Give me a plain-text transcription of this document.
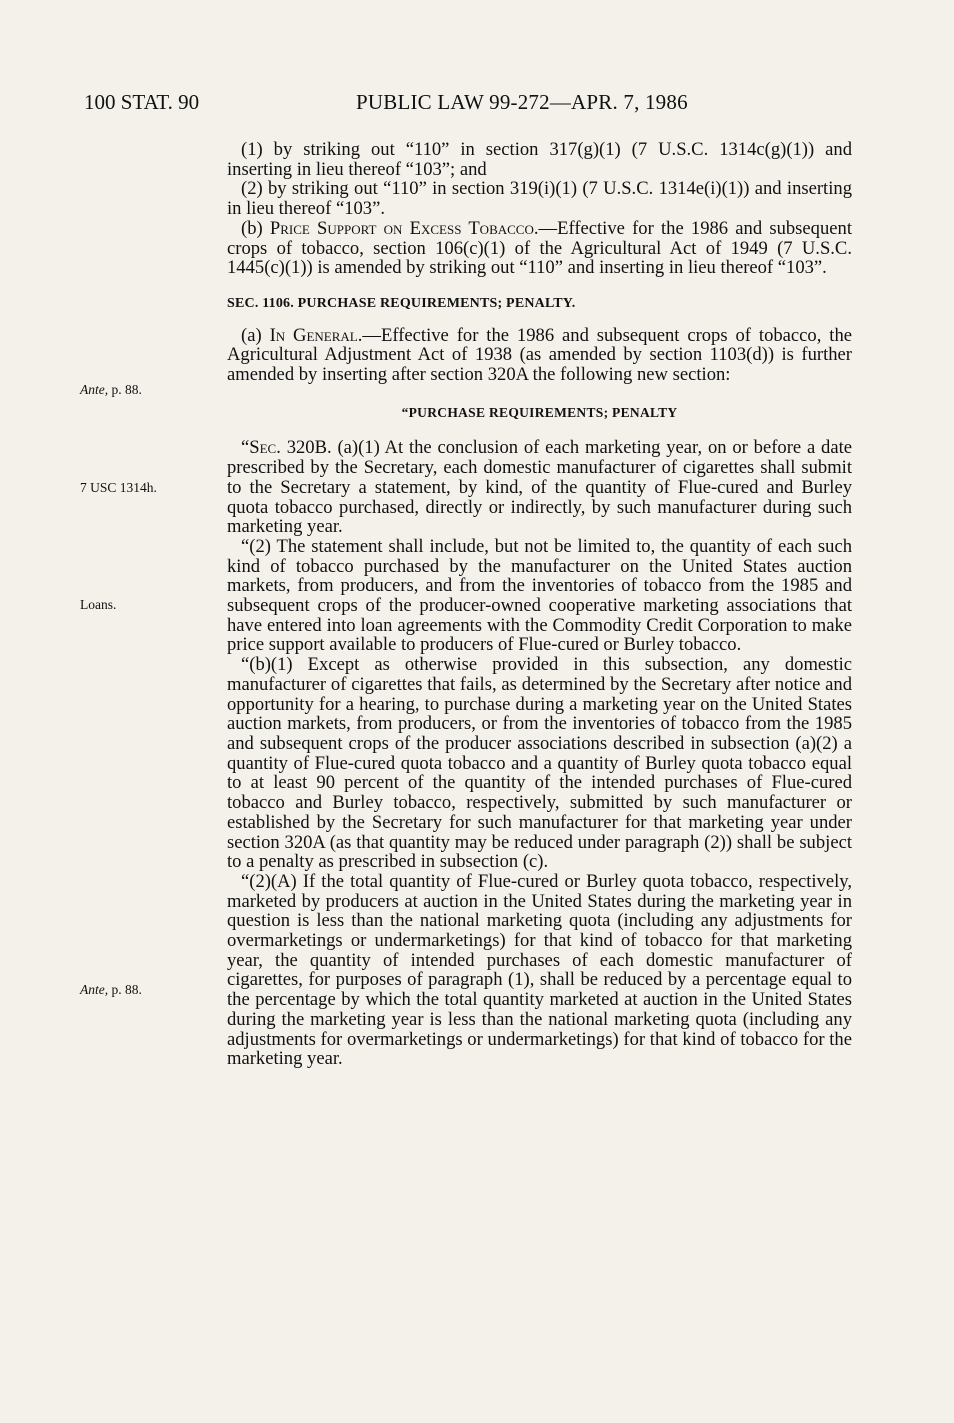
100 STAT. 90	PUBLIC LAW 99-272—APR. 7, 1986
Ante, p. 88.
7 USC 1314h.
Loans.
Ante, p. 88.

(1) by striking out “110” in section 317(g)(1) (7 U.S.C. 1314c(g)(1)) and inserting in lieu thereof “103”; and

(2) by striking out “110” in section 319(i)(1) (7 U.S.C. 1314e(i)(1)) and inserting in lieu thereof “103”.

(b) Price Support on Excess Tobacco.—Effective for the 1986 and subsequent crops of tobacco, section 106(c)(1) of the Agricultural Act of 1949 (7 U.S.C. 1445(c)(1)) is amended by striking out “110” and inserting in lieu thereof “103”.

SEC. 1106. PURCHASE REQUIREMENTS; PENALTY.

(a) In General.—Effective for the 1986 and subsequent crops of tobacco, the Agricultural Adjustment Act of 1938 (as amended by section 1103(d)) is further amended by inserting after section 320A the following new section:

“PURCHASE REQUIREMENTS; PENALTY

“Sec. 320B. (a)(1) At the conclusion of each marketing year, on or before a date prescribed by the Secretary, each domestic manufacturer of cigarettes shall submit to the Secretary a statement, by kind, of the quantity of Flue-cured and Burley quota tobacco purchased, directly or indirectly, by such manufacturer during such marketing year.

“(2) The statement shall include, but not be limited to, the quantity of each such kind of tobacco purchased by the manufacturer on the United States auction markets, from producers, and from the inventories of tobacco from the 1985 and subsequent crops of the producer-owned cooperative marketing associations that have entered into loan agreements with the Commodity Credit Corporation to make price support available to producers of Flue-cured or Burley tobacco.

“(b)(1) Except as otherwise provided in this subsection, any domestic manufacturer of cigarettes that fails, as determined by the Secretary after notice and opportunity for a hearing, to purchase during a marketing year on the United States auction markets, from producers, or from the inventories of tobacco from the 1985 and subsequent crops of the producer associations described in subsection (a)(2) a quantity of Flue-cured quota tobacco and a quantity of Burley quota tobacco equal to at least 90 percent of the quantity of the intended purchases of Flue-cured tobacco and Burley tobacco, respectively, submitted by such manufacturer or established by the Secretary for such manufacturer for that marketing year under section 320A (as that quantity may be reduced under paragraph (2)) shall be subject to a penalty as prescribed in subsection (c).

“(2)(A) If the total quantity of Flue-cured or Burley quota tobacco, respectively, marketed by producers at auction in the United States during the marketing year in question is less than the national marketing quota (including any adjustments for overmarketings or undermarketings) for that kind of tobacco for that marketing year, the quantity of intended purchases of each domestic manufacturer of cigarettes, for purposes of paragraph (1), shall be reduced by a percentage equal to the percentage by which the total quantity marketed at auction in the United States during the marketing year is less than the national marketing quota (including any adjustments for overmarketings or undermarketings) for that kind of tobacco for the marketing year.
